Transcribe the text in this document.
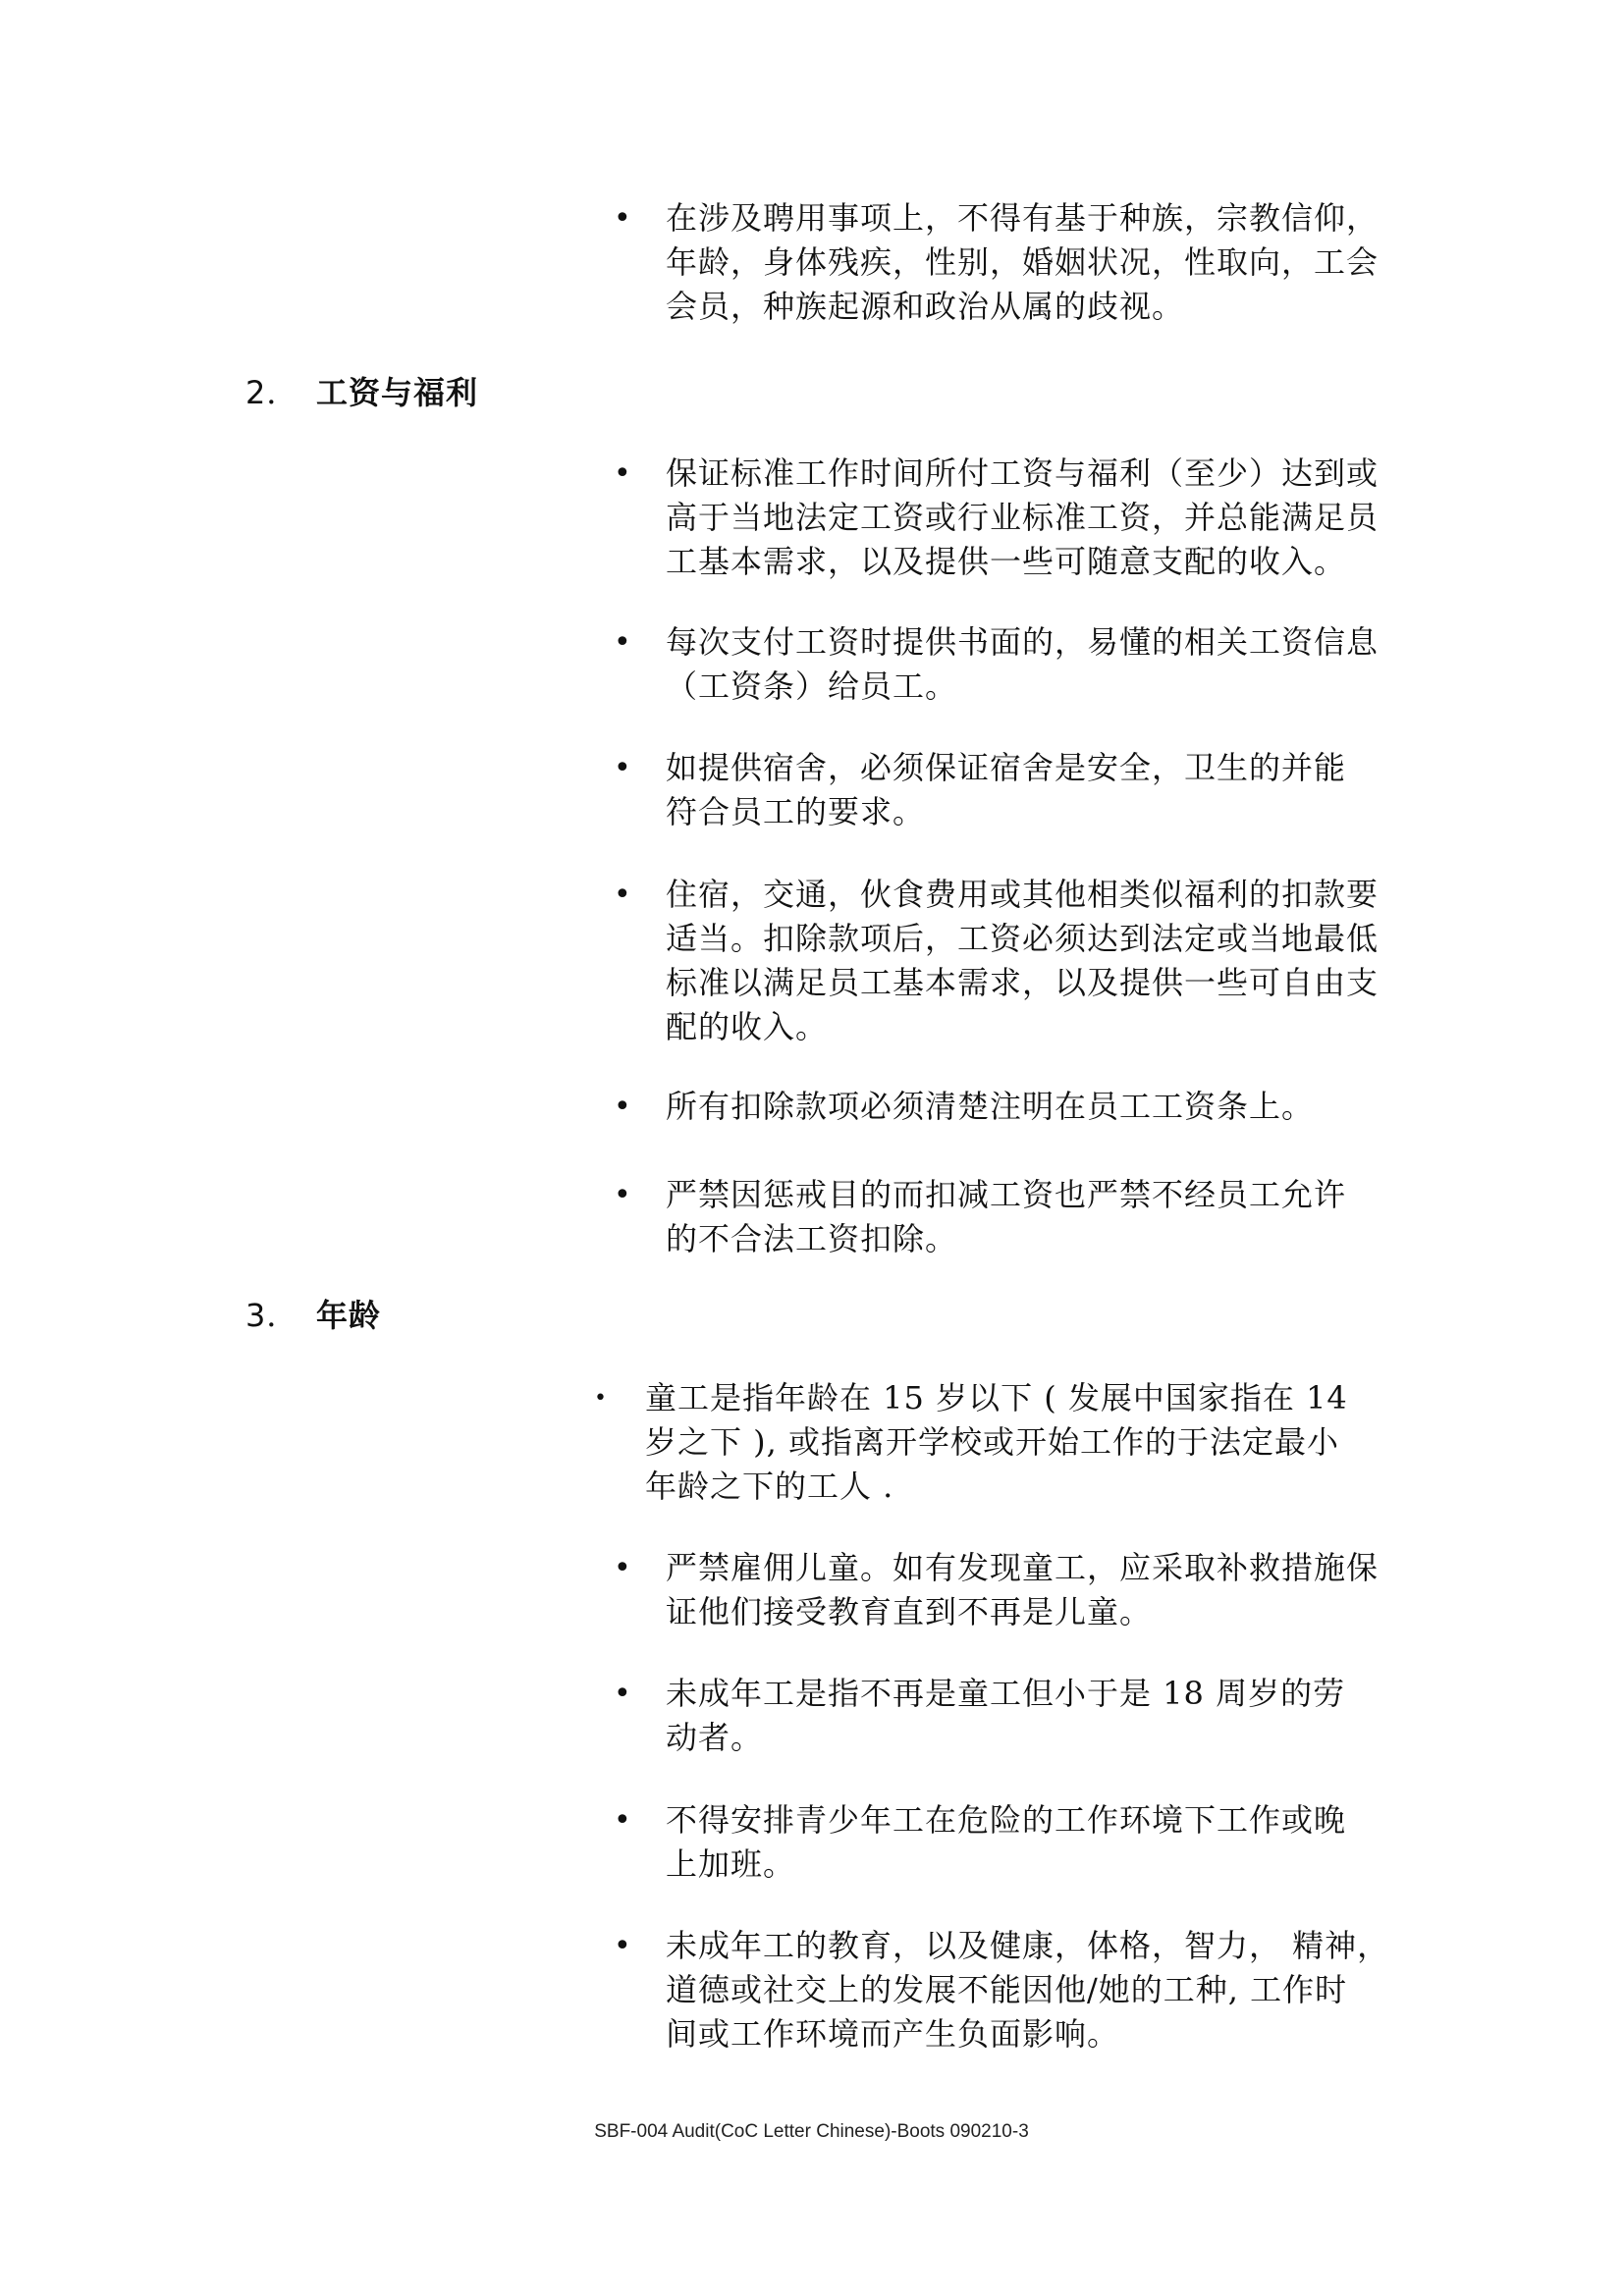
• 在涉及聘用事项上，不得有基于种族，宗教信仰，
年龄，身体残疾，性别，婚姻状况，性取向，工会
会员，种族起源和政治从属的歧视。
2． 工资与福利
• 保证标准工作时间所付工资与福利（至少）达到或
高于当地法定工资或行业标准工资，并总能满足员
工基本需求，以及提供一些可随意支配的收入。
• 每次支付工资时提供书面的，易懂的相关工资信息
（工资条）给员工。
• 如提供宿舍，必须保证宿舍是安全，卫生的并能
符合员工的要求。
• 住宿，交通，伙食费用或其他相类似福利的扣款要
适当。扣除款项后，工资必须达到法定或当地最低
标准以满足员工基本需求，以及提供一些可自由支
配的收入。
• 所有扣除款项必须清楚注明在员工工资条上。
• 严禁因惩戒目的而扣减工资也严禁不经员工允许
的不合法工资扣除。
3． 年龄
• 童工是指年龄在 15 岁以下 ( 发展中国家指在 14
岁之下 ), 或指离开学校或开始工作的于法定最小
年龄之下的工人 .
• 严禁雇佣儿童。如有发现童工，应采取补救措施保
证他们接受教育直到不再是儿童。
• 未成年工是指不再是童工但小于是 18 周岁的劳
动者。
• 不得安排青少年工在危险的工作环境下工作或晚
上加班。
• 未成年工的教育，以及健康，体格，智力， 精神，
道德或社交上的发展不能因他/她的工种, 工作时
间或工作环境而产生负面影响。
SBF-004 Audit(CoC Letter Chinese)-Boots 090210-3
